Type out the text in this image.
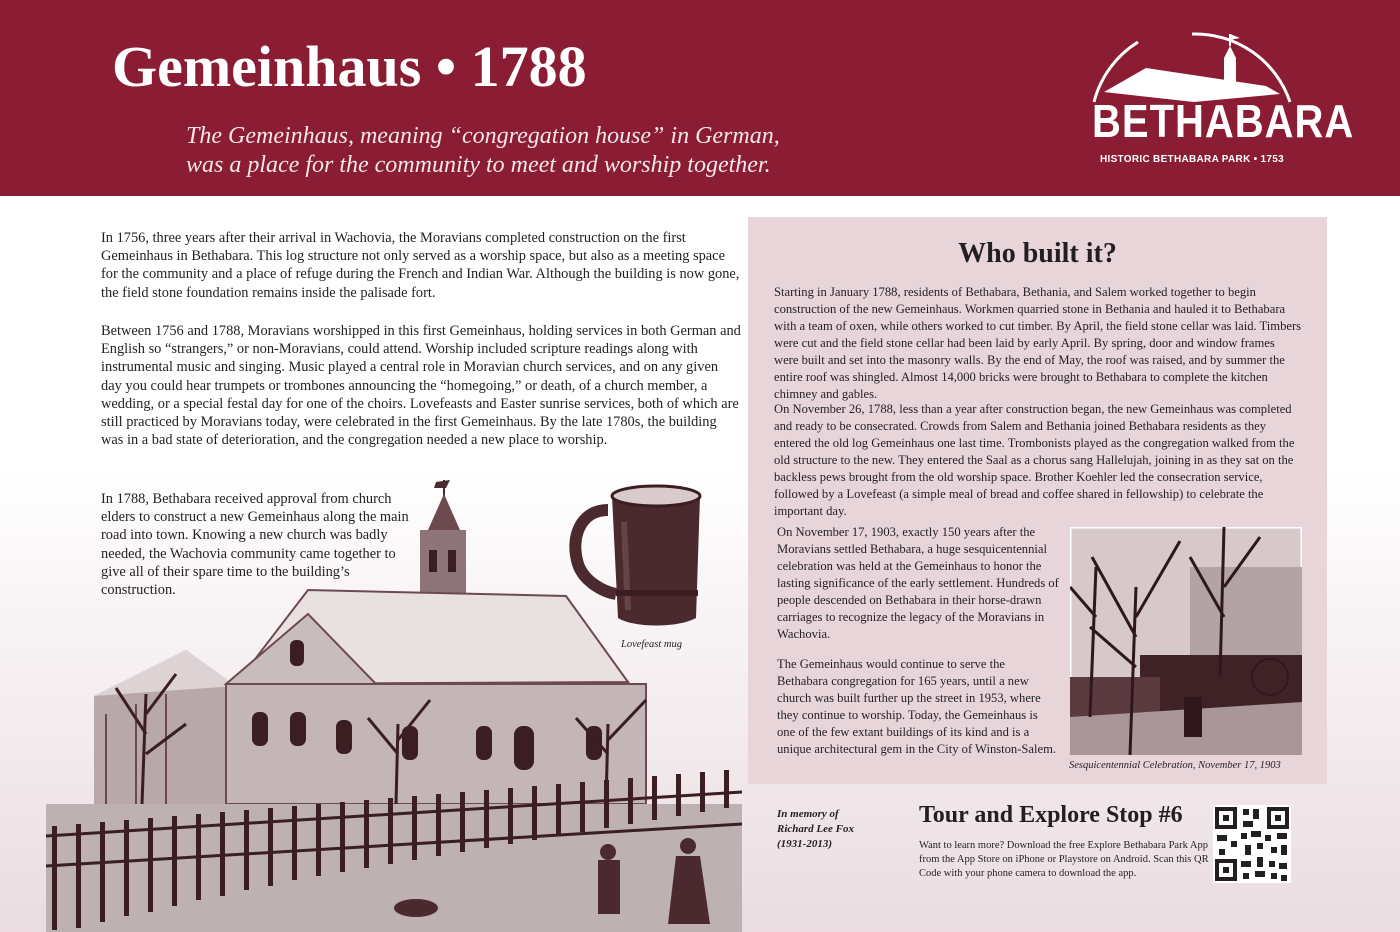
Gemeinhaus • 1788
The Gemeinhaus, meaning “congregation house” in German,
was a place for the community to meet and worship together.
BETHABARA
HISTORIC BETHABARA PARK • 1753

In 1756, three years after their arrival in Wachovia, the Moravians completed construction on the first Gemeinhaus in Bethabara. This log structure not only served as a worship space, but also as a meeting space for the community and a place of refuge during the French and Indian War. Although the building is now gone, the field stone foundation remains inside the palisade fort.

Between 1756 and 1788, Moravians worshipped in this first Gemeinhaus, holding services in both German and English so “strangers,” or non-Moravians, could attend. Worship included scripture readings along with instrumental music and singing. Music played a central role in Moravian church services, and on any given day you could hear trumpets or trombones announcing the “homegoing,” or death, of a church member, a wedding, or a special festal day for one of the choirs. Lovefeasts and Easter sunrise services, both of which are still practiced by Moravians today, were celebrated in the first Gemeinhaus. By the late 1780s, the building was in a bad state of deterioration, and the congregation needed a new place to worship.

In 1788, Bethabara received approval from church elders to construct a new Gemeinhaus along the main road into town. Knowing a new church was badly needed, the Wachovia community came together to give all of their spare time to the building’s construction.

Lovefeast mug

Who built it?

Starting in January 1788, residents of Bethabara, Bethania, and Salem worked together to begin construction of the new Gemeinhaus. Workmen quarried stone in Bethania and hauled it to Bethabara with a team of oxen, while others worked to cut timber. By April, the field stone cellar was laid. Timbers were cut and the field stone cellar had been laid by early April. By spring, door and window frames were built and set into the masonry walls. By the end of May, the roof was raised, and by summer the entire roof was shingled. Almost 14,000 bricks were brought to Bethabara to complete the kitchen chimney and gables.

On November 26, 1788, less than a year after construction began, the new Gemeinhaus was completed and ready to be consecrated. Crowds from Salem and Bethania joined Bethabara residents as they entered the old log Gemeinhaus one last time. Trombonists played as the congregation walked from the old structure to the new. They entered the Saal as a chorus sang Hallelujah, joining in as they sat on the backless pews brought from the old worship space. Brother Koehler led the consecration service, followed by a Lovefeast (a simple meal of bread and coffee shared in fellowship) to celebrate the important day.

On November 17, 1903, exactly 150 years after the Moravians settled Bethabara, a huge sesquicentennial celebration was held at the Gemeinhaus to honor the lasting significance of the early settlement. Hundreds of people descended on Bethabara in their horse-drawn carriages to recognize the legacy of the Moravians in Wachovia.

The Gemeinhaus would continue to serve the Bethabara congregation for 165 years, until a new church was built further up the street in 1953, where they continue to worship. Today, the Gemeinhaus is one of the few extant buildings of its kind and is a unique architectural gem in the City of Winston-Salem.

Sesquicentennial Celebration, November 17, 1903

In memory of
Richard Lee Fox
(1931-2013)
Tour and Explore Stop #6

Want to learn more? Download the free Explore Bethabara Park App from the App Store on iPhone or Playstore on Android. Scan this QR Code with your phone camera to download the app.
